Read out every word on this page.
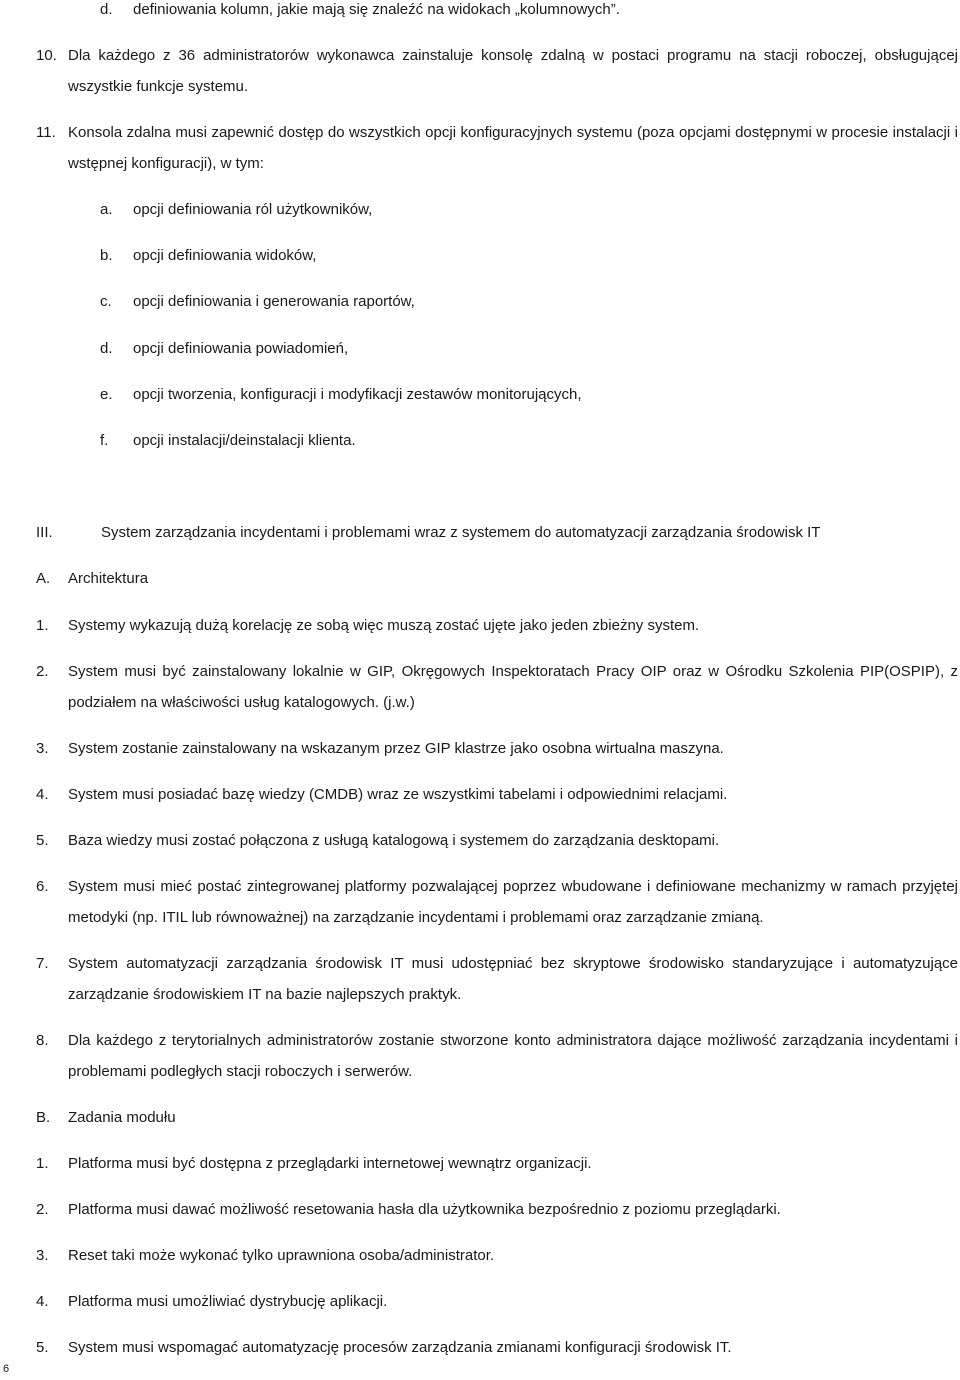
d.	definiowania kolumn, jakie mają się znaleźć na widokach „kolumnowych”.
10. Dla każdego z 36 administratorów wykonawca zainstaluje konsolę zdalną w postaci programu na stacji roboczej, obsługującej wszystkie funkcje systemu.
11. Konsola zdalna musi zapewnić dostęp do wszystkich opcji konfiguracyjnych systemu (poza opcjami dostępnymi w procesie instalacji i wstępnej konfiguracji), w tym:
a.	opcji definiowania ról użytkowników,
b.	opcji definiowania widoków,
c.	opcji definiowania i generowania raportów,
d.	opcji definiowania powiadomień,
e.	opcji tworzenia, konfiguracji i modyfikacji zestawów monitorujących,
f.	opcji instalacji/deinstalacji klienta.
III.	System zarządzania incydentami i problemami wraz z systemem do automatyzacji zarządzania środowisk IT
A.	Architektura
1.	Systemy wykazują dużą korelację ze sobą więc muszą zostać ujęte jako jeden zbieżny system.
2.	System musi być zainstalowany lokalnie w GIP, Okręgowych Inspektoratach Pracy OIP oraz w Ośrodku Szkolenia PIP(OSPIP), z podziałem na właściwości usług katalogowych. (j.w.)
3.	System zostanie zainstalowany na wskazanym przez GIP klastrze jako osobna wirtualna maszyna.
4.	System musi posiadać bazę wiedzy (CMDB) wraz ze wszystkimi tabelami i odpowiednimi relacjami.
5.	Baza wiedzy musi zostać połączona z usługą katalogową i systemem do zarządzania desktopami.
6.	System musi mieć postać zintegrowanej platformy pozwalającej poprzez wbudowane i definiowane mechanizmy w ramach przyjętej metodyki (np. ITIL lub równoważnej) na zarządzanie incydentami i problemami oraz zarządzanie zmianą.
7.	System automatyzacji zarządzania środowisk IT musi udostępniać bez skryptowe środowisko standaryzujące i automatyzujące zarządzanie środowiskiem IT na bazie najlepszych praktyk.
8.	Dla każdego z terytorialnych administratorów zostanie stworzone konto administratora dające możliwość zarządzania incydentami i problemami podległych stacji roboczych i serwerów.
B.	Zadania modułu
1.	Platforma musi być dostępna z przeglądarki internetowej wewnątrz organizacji.
2.	Platforma musi dawać możliwość resetowania hasła dla użytkownika bezpośrednio z poziomu przeglądarki.
3.	Reset taki może wykonać tylko uprawniona osoba/administrator.
4.	Platforma musi umożliwiać dystrybucję aplikacji.
5.	System musi wspomagać automatyzację procesów zarządzania zmianami konfiguracji środowisk IT.
6
